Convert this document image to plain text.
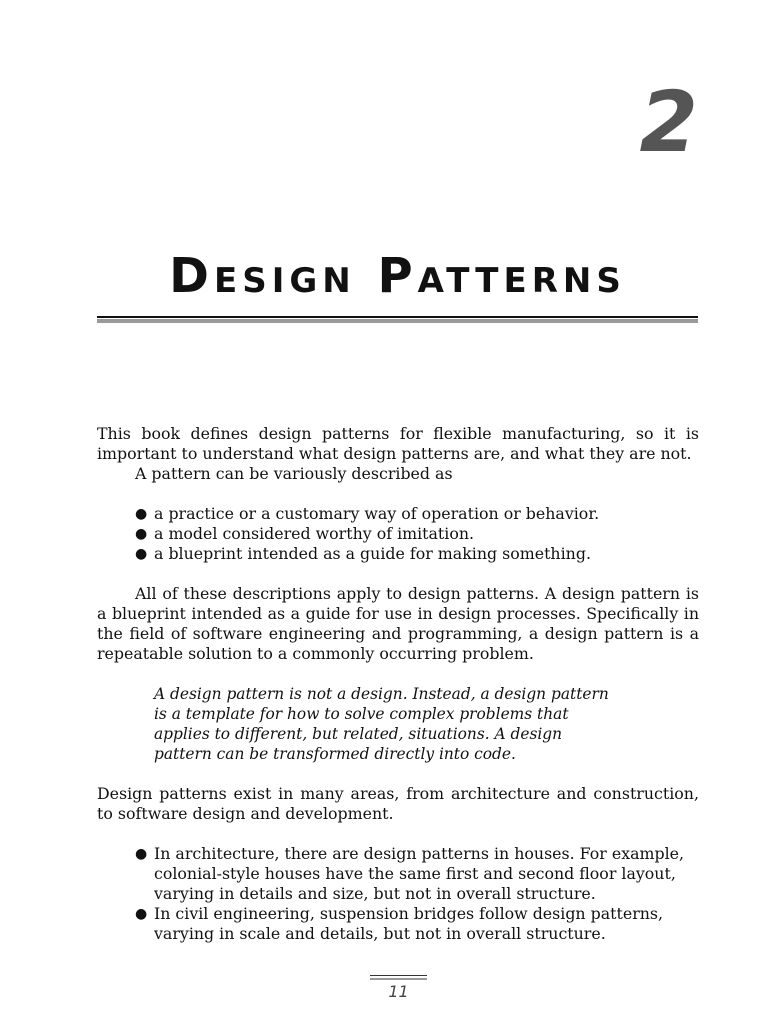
2
Design Patterns

This book defines design patterns for flexible manufacturing, so it is important to understand what design patterns are, and what they are not.

A pattern can be variously described as

● a practice or a customary way of operation or behavior.
● a model considered worthy of imitation.
● a blueprint intended as a guide for making something.

All of these descriptions apply to design patterns. A design pattern is a blueprint intended as a guide for use in design processes. Specifically in the field of software engineering and programming, a design pattern is a repeatable solution to a commonly occurring problem.

A design pattern is not a design. Instead, a design pattern is a template for how to solve complex problems that applies to different, but related, situations. A design pattern can be transformed directly into code.

Design patterns exist in many areas, from architecture and construction, to software design and development.

● In architecture, there are design patterns in houses. For example, colonial-style houses have the same first and second floor layout, varying in details and size, but not in overall structure.
● In civil engineering, suspension bridges follow design patterns, varying in scale and details, but not in overall structure.
11
